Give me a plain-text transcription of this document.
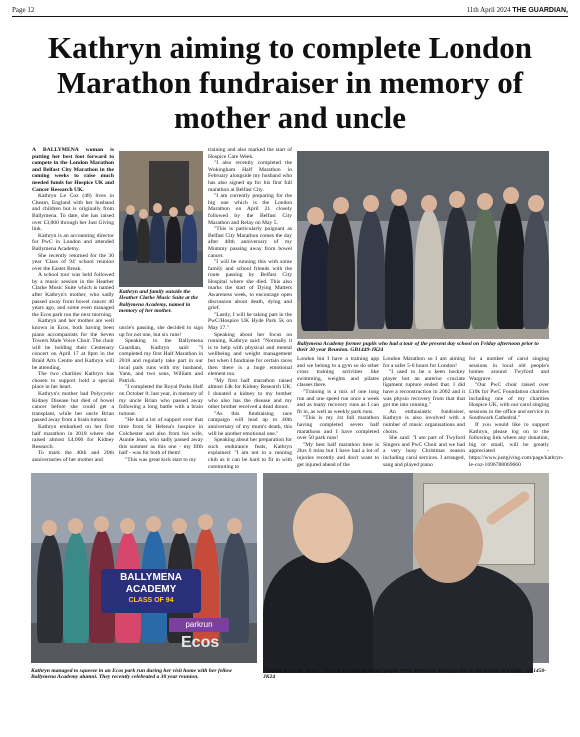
Page 12	11th April 2024 THE GUARDIAN,
Kathryn aiming to complete London Marathon fundraiser in memory of mother and uncle

A BALLYMENA woman is putting her best foot forward to compete in the London Marathon and Belfast City Marathon in the coming weeks to raise much needed funds for Hospice UK and Cancer Research UK.

Kathryn Le Coz (48) lives in Cheam, England with her husband and children but is originally from Ballymena. To date, she has raised over £3,000 through her Just Giving link.

Kathryn is an accounting director for PwC in London and attended Ballymena Academy.

She recently returned for the 30 year 'Class of 94' school reunion over the Easter Break.

A school tour was held followed by a music session in the Heather Clarke Music Suite which is named after Kathryn's mother, who sadly passed away from bowel cancer 40 years ago, and some even managed the Ecos park run the next morning.

Kathryn and her mother are well known in Ecos, both having been piano accompanists for the Seven Towers Male Voice Choir. The choir will be holding their Centenary concert on April 17 at 8pm in the Braid Arts Centre and Kathryn will be attending.

The two charities Kathryn has chosen to support hold a special place in her heart.

Kathryn's mother had Polycystic Kidney Disease but died of bowel cancer before she could get a transplant, while her uncle Brian passed away from a brain tumour.

Kathryn embarked on her first half marathon in 2018 where she raised almost £4,000 for Kidney Research.

To mark the 40th and 20th anniversaries of her mother and

Kathryn and family outside the Heather Clarke Music Suite at the Ballymena Academy, named in memory of her mother.

uncle's passing, she decided to sign up for not one, but six runs!

Speaking to the Ballymena Guardian, Kathryn said: "I completed my first Half Marathon in 2018 and regularly take part in our local park runs with my husband, Yann, and two sons, William and Patrick.

"I completed the Royal Parks Half on October 8; last year, in memory of my uncle Brian who passed away following a long battle with a brain tumour.

"He had a lot of support over that time from St Helena's hospice in Colchester and also from his wife, Auntie Jean, who sadly passed away this summer as this one - my fifth half - was for both of them!

"This was great kick start to my

training and also marked the start of Hospice Care Week.

"I also recently completed the Wokingham Half Marathon in February alongside my husband who has also signed up for his first full marathon at Belfast City.

"I am currently preparing for the big one which is the London Marathon on April 21 closely followed by the Belfast City Marathon and Relay on May 5.

"This is particularly poignant as Belfast City Marathon comes the day after 40th anniversary of my Mummy passing away from bowel cancer.

"I will be running this with some family and school friends with the route passing by Belfast City Hospital where she died. This also marks the start of Dying Matters Awareness week, to encourage open discussion about death, dying and grief.

"Lastly, I will be taking part in the PwC/Hospice UK Hyde Park 5k on May 17."

Speaking about her focus on running, Kathryn said: "Normally it is to help with physical and mental wellbeing and weight management but when I fundraise for certain races then there is a huge emotional element too.

"My first half marathon raised almost £4k for Kidney Research UK. I donated a kidney to my brother who also has the disease and my other brother received a dead donor.

"As this fundraising race campaign will lead up to 40th anniversary of my mum's death, this will be another emotional one."

Speaking about her preparation for such endurance feats, Kathryn explained: "I am not in a running club as it can be hard to fit in with commuting to

Ballymena Academy former pupils who had a tour of the present day school on Friday afternoon prior to their 30 year Reunion. GB1449-JK24

London but I have a training app and we belong to a gym so do other cross training activities like swimming, weights and pilates classes there.

"Training is a mix of one long run and one speed run once a week and as many recovery runs as I can fit in, as well as weekly park runs.

"This is my 1st full marathon having completed seven half marathons and I have completed over 50 park runs!

"My best half marathon time is 2hrs 6 mins but I have had a lot of injuries recently and don't want to get injured ahead of the

London Marathon so I am aiming for a safer 5-6 hours for London!

"I used to be a keen hockey player but an anterior cruciate ligament rupture ended that. I did have a reconstruction in 2002 and it was physio recovery from that that got me into running."

An enthusiastic fundraiser, Kathryn is also involved with a number of music organisations and choirs.

She said: "I am part of Twyford Singers and PwC Choir and we had a very busy Christmas season including carol services. I arranged, sang and played piano

for a number of carol singing sessions in local old people's homes around Twyford and Wargrave.

"Our PwC choir raised over £10k for PwC Foundation charities including one of my charities Hospice UK, with our carol singing sessions in the office and service in Southwark Cathedral."

If you would like to support Kathryn, please log on to the following link where any donation, big or small, will be greatly appreciated - https://www.justgiving.com/page/kathryn-le-coz-1696788069660

BALLYMENA
ACADEMY
CLASS OF 94
parkrun
Ecos
Kathryn managed to squeeze in an Ecos park run during her visit home with her fellow Ballymena Academy alumni. They recently celebrated a 30 year reunion.
"I think that's me there," Former B'mena Academy pupils relive memories during a visit to the school on Friday. GB1450-JK24
